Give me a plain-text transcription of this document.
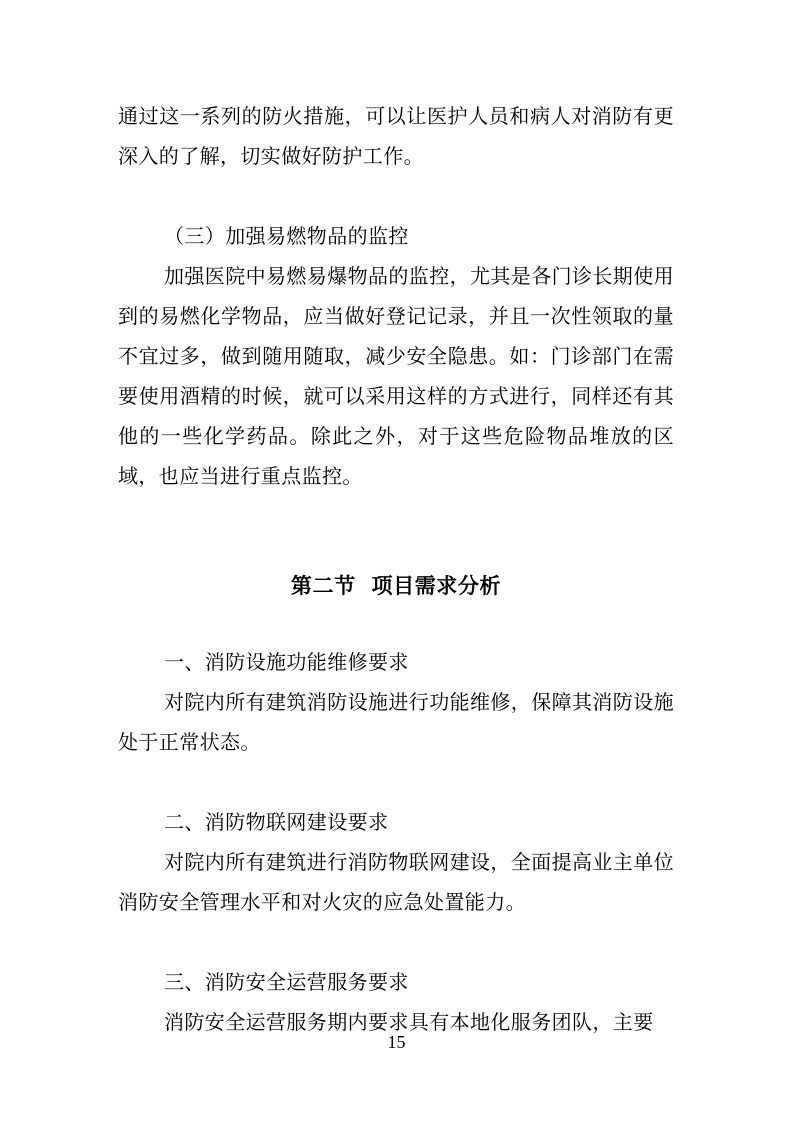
通过这一系列的防火措施，可以让医护人员和病人对消防有更深入的了解，切实做好防护工作。

（三）加强易燃物品的监控

加强医院中易燃易爆物品的监控，尤其是各门诊长期使用到的易燃化学物品，应当做好登记记录，并且一次性领取的量不宜过多，做到随用随取，减少安全隐患。如：门诊部门在需要使用酒精的时候，就可以采用这样的方式进行，同样还有其他的一些化学药品。除此之外，对于这些危险物品堆放的区域，也应当进行重点监控。

第二节  项目需求分析

一、消防设施功能维修要求

对院内所有建筑消防设施进行功能维修，保障其消防设施处于正常状态。

二、消防物联网建设要求

对院内所有建筑进行消防物联网建设，全面提高业主单位消防安全管理水平和对火灾的应急处置能力。

三、消防安全运营服务要求

消防安全运营服务期内要求具有本地化服务团队，主要

15
